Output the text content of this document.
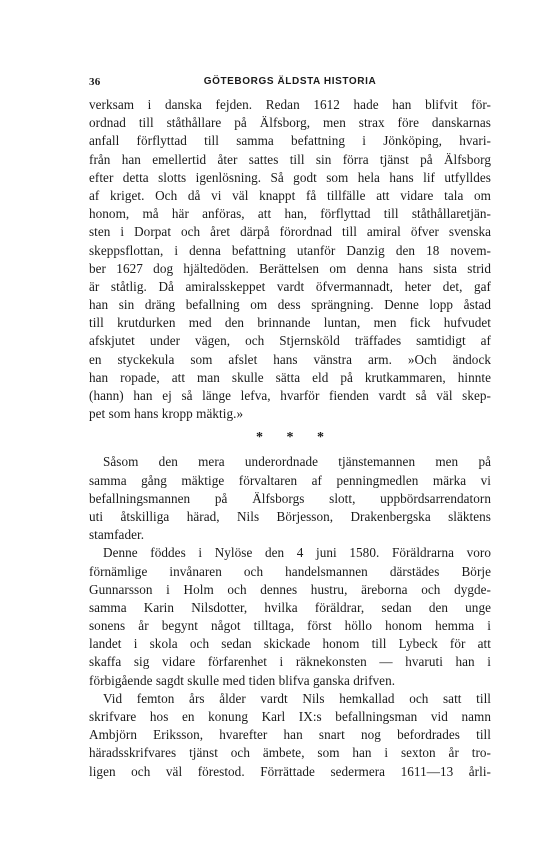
36	GÖTEBORGS ÄLDSTA HISTORIA
verksam i danska fejden. Redan 1612 hade han blifvit för-
ordnad till ståthållare på Älfsborg, men strax före danskarnas
anfall förflyttad till samma befattning i Jönköping, hvari-
från han emellertid åter sattes till sin förra tjänst på Älfsborg
efter detta slotts igenlösning. Så godt som hela hans lif utfylldes
af kriget. Och då vi väl knappt få tillfälle att vidare tala om
honom, må här anföras, att han, förflyttad till ståthållaretjän-
sten i Dorpat och året därpå förordnad till amiral öfver svenska
skeppsflottan, i denna befattning utanför Danzig den 18 novem-
ber 1627 dog hjältedöden. Berättelsen om denna hans sista strid
är ståtlig. Då amiralsskeppet vardt öfvermannadt, heter det, gaf
han sin dräng befallning om dess sprängning. Denne lopp åstad
till krutdurken med den brinnande luntan, men fick hufvudet
afskjutet under vägen, och Stjernsköld träffades samtidigt af
en styckekula som afslet hans vänstra arm. »Och ändock
han ropade, att man skulle sätta eld på krutkammaren, hinnte
(hann) han ej så länge lefva, hvarför fienden vardt så väl skep-
pet som hans kropp mäktig.»
* * *
Såsom den mera underordnade tjänstemannen men på
samma gång mäktige förvaltaren af penningmedlen märka vi
befallningsmannen på Älfsborgs slott, uppbördsarrendatorn
uti åtskilliga härad, Nils Börjesson, Drakenbergska släktens
stamfader.
Denne föddes i Nylöse den 4 juni 1580. Föräldrarna voro
förnämlige invånaren och handelsmannen därstädes Börje
Gunnarsson i Holm och dennes hustru, äreborna och dygde-
samma Karin Nilsdotter, hvilka föräldrar, sedan den unge
sonens år begynt något tilltaga, först höllo honom hemma i
landet i skola och sedan skickade honom till Lybeck för att
skaffa sig vidare förfarenhet i räknekonsten — hvaruti han i
förbigående sagdt skulle med tiden blifva ganska drifven.
Vid femton års ålder vardt Nils hemkallad och satt till
skrifvare hos en konung Karl IX:s befallningsman vid namn
Ambjörn Eriksson, hvarefter han snart nog befordrades till
häradsskrifvares tjänst och ämbete, som han i sexton år tro-
ligen och väl förestod. Förrättade sedermera 1611—13 årli-
